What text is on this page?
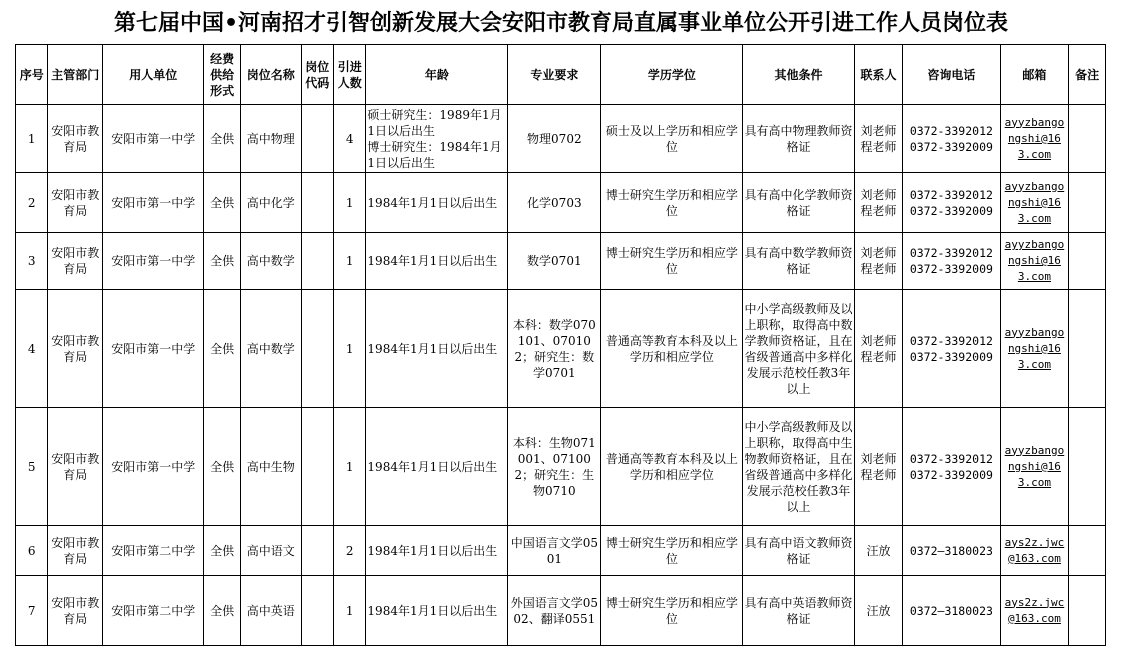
第七届中国•河南招才引智创新发展大会安阳市教育局直属事业单位公开引进工作人员岗位表
序号	主管部门	用人单位	经费供给形式	岗位名称	岗位代码	引进人数	年龄	专业要求	学历学位	其他条件	联系人	咨询电话	邮箱	备注
1	安阳市教育局	安阳市第一中学	全供	高中物理		4	硕士研究生：1989年1月1日以后出生
博士研究生：1984年1月1日以后出生	物理0702	硕士及以上学历和相应学位	具有高中物理教师资格证	刘老师
程老师	0372-3392012
0372-3392009	ayyzbangongshi@163.com	

2	安阳市教育局	安阳市第一中学	全供	高中化学		1	1984年1月1日以后出生	化学0703	博士研究生学历和相应学位	具有高中化学教师资格证	刘老师
程老师	0372-3392012
0372-3392009	ayyzbangongshi@163.com	

3	安阳市教育局	安阳市第一中学	全供	高中数学		1	1984年1月1日以后出生	数学0701	博士研究生学历和相应学位	具有高中数学教师资格证	刘老师
程老师	0372-3392012
0372-3392009	ayyzbangongshi@163.com	

4	安阳市教育局	安阳市第一中学	全供	高中数学		1	1984年1月1日以后出生	本科：数学070101、070102；研究生：数学0701	普通高等教育本科及以上学历和相应学位	中小学高级教师及以上职称，取得高中数学教师资格证，且在省级普通高中多样化发展示范校任教3年以上	刘老师
程老师	0372-3392012
0372-3392009	ayyzbangongshi@163.com	

5	安阳市教育局	安阳市第一中学	全供	高中生物		1	1984年1月1日以后出生	本科：生物071001、071002；研究生：生物0710	普通高等教育本科及以上学历和相应学位	中小学高级教师及以上职称，取得高中生物教师资格证，且在省级普通高中多样化发展示范校任教3年以上	刘老师
程老师	0372-3392012
0372-3392009	ayyzbangongshi@163.com	

6	安阳市教育局	安阳市第二中学	全供	高中语文		2	1984年1月1日以后出生	中国语言文学0501	博士研究生学历和相应学位	具有高中语文教师资格证	汪放	0372—3180023	ays2z.jwc@163.com	

7	安阳市教育局	安阳市第二中学	全供	高中英语		1	1984年1月1日以后出生	外国语言文学0502、翻译0551	博士研究生学历和相应学位	具有高中英语教师资格证	汪放	0372—3180023	ays2z.jwc@163.com	
